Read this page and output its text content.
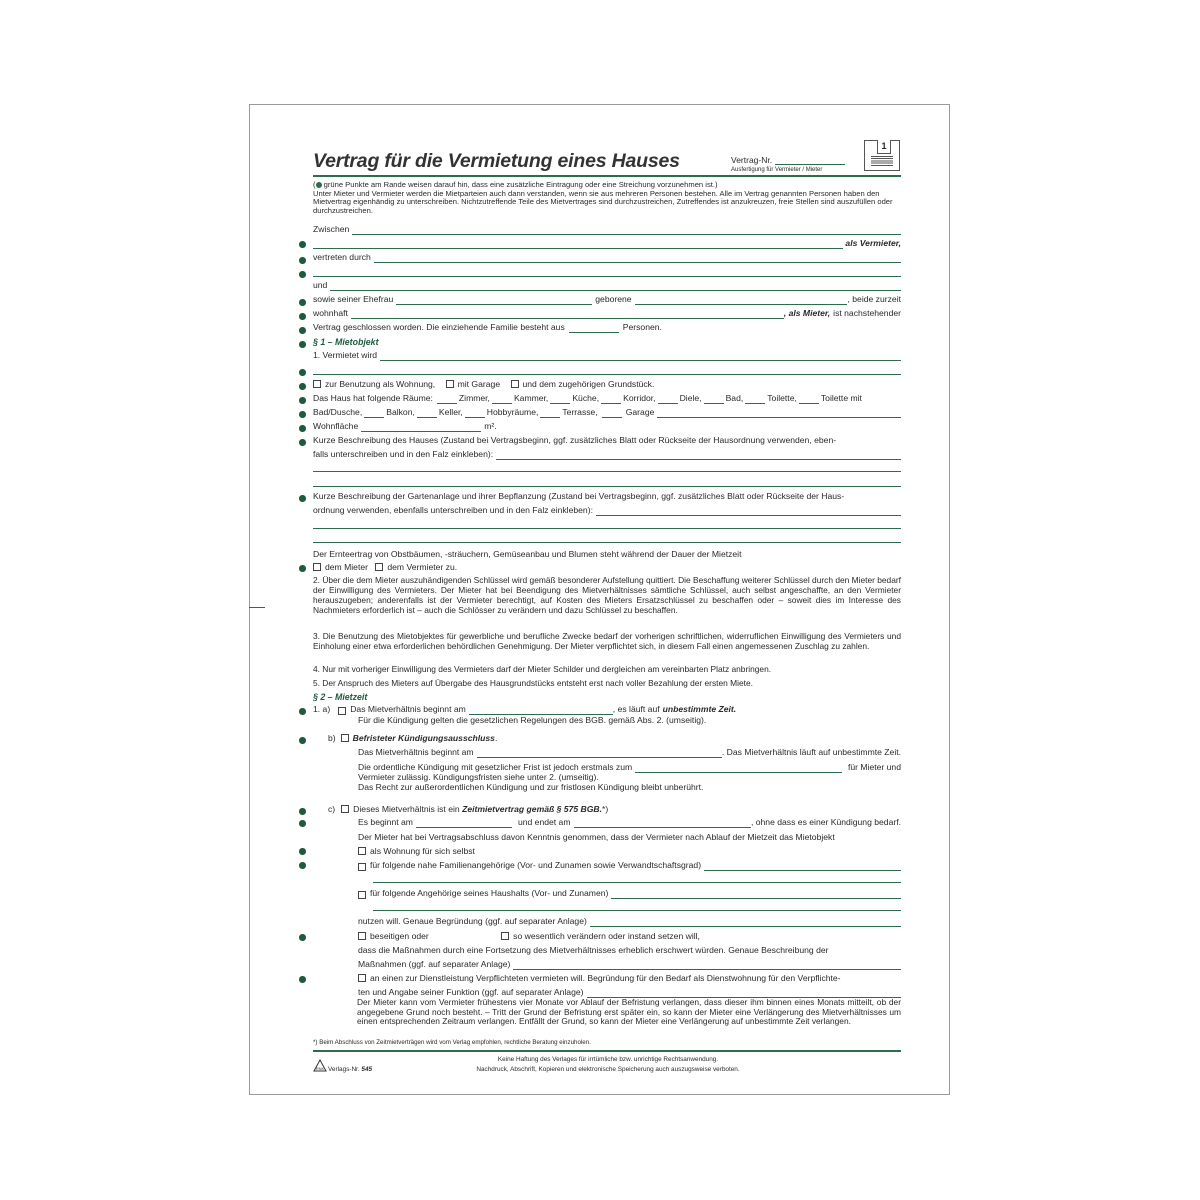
Vertrag für die Vermietung eines Hauses	Vertrag-Nr.
Ausfertigung für Vermieter / Mieter
1
( grüne Punkte am Rande weisen darauf hin, dass eine zusätzliche Eintragung oder eine Streichung vorzunehmen ist.)
Unter Mieter und Vermieter werden die Mietparteien auch dann verstanden, wenn sie aus mehreren Personen bestehen. Alle im Vertrag genannten Personen haben den Mietvertrag eigenhändig zu unterschreiben. Nichtzutreffende Teile des Mietvertrages sind durchzustreichen, Zutreffendes ist anzukreuzen, freie Stellen sind auszufüllen oder durchzustreichen.
Zwischen
als Vermieter,
vertreten durch
und
sowie seiner Ehefrau	geborene	, beide zurzeit
wohnhaft	, als Mieter, ist nachstehender
Vertrag geschlossen worden. Die einziehende Familie besteht aus	Personen.
§ 1 – Mietobjekt
1. Vermietet wird
zur Benutzung als Wohnung,	mit Garage	und dem zugehörigen Grundstück.
Das Haus hat folgende Räume:	Zimmer,	Kammer,	Küche,	Korridor,	Diele,	Bad,	Toilette,	Toilette mit
Bad/Dusche,	Balkon,	Keller,	Hobbyräume,	Terrasse,	Garage
Wohnfläche	m².
Kurze Beschreibung des Hauses (Zustand bei Vertragsbeginn, ggf. zusätzliches Blatt oder Rückseite der Hausordnung verwenden, eben-
falls unterschreiben und in den Falz einkleben):
Kurze Beschreibung der Gartenanlage und ihrer Bepflanzung (Zustand bei Vertragsbeginn, ggf. zusätzliches Blatt oder Rückseite der Haus-
ordnung verwenden, ebenfalls unterschreiben und in den Falz einkleben):
Der Ernteertrag von Obstbäumen, -sträuchern, Gemüseanbau und Blumen steht während der Dauer der Mietzeit
dem Mieter dem Vermieter zu.
2. Über die dem Mieter auszuhändigenden Schlüssel wird gemäß besonderer Aufstellung quittiert. Die Beschaffung weiterer Schlüssel durch den Mieter bedarf der Einwilligung des Vermieters. Der Mieter hat bei Beendigung des Mietverhältnisses sämtliche Schlüssel, auch selbst angeschaffte, an den Vermieter herauszugeben; anderenfalls ist der Vermieter berechtigt, auf Kosten des Mieters Ersatzschlüssel zu beschaffen oder – soweit dies im Interesse des Nachmieters erforderlich ist – auch die Schlösser zu verändern und dazu Schlüssel zu beschaffen.
3. Die Benutzung des Mietobjektes für gewerbliche und berufliche Zwecke bedarf der vorherigen schriftlichen, widerruflichen Einwilligung des Vermieters und Einholung einer etwa erforderlichen behördlichen Genehmigung. Der Mieter verpflichtet sich, in diesem Fall einen angemessenen Zuschlag zu zahlen.
4. Nur mit vorheriger Einwilligung des Vermieters darf der Mieter Schilder und dergleichen am vereinbarten Platz anbringen.
5. Der Anspruch des Mieters auf Übergabe des Hausgrundstücks entsteht erst nach voller Bezahlung der ersten Miete.
§ 2 – Mietzeit
1. a) Das Mietverhältnis beginnt am	, es läuft auf unbestimmte Zeit.
Für die Kündigung gelten die gesetzlichen Regelungen des BGB. gemäß Abs. 2. (umseitig).
b) Befristeter Kündigungsausschluss.
Das Mietverhältnis beginnt am	. Das Mietverhältnis läuft auf unbestimmte Zeit.
Die ordentliche Kündigung mit gesetzlicher Frist ist jedoch erstmals zum	für Mieter und
Vermieter zulässig. Kündigungsfristen siehe unter 2. (umseitig).
Das Recht zur außerordentlichen Kündigung und zur fristlosen Kündigung bleibt unberührt.
c) Dieses Mietverhältnis ist ein Zeitmietvertrag gemäß § 575 BGB.*)
Es beginnt am	und endet am	, ohne dass es einer Kündigung bedarf.
Der Mieter hat bei Vertragsabschluss davon Kenntnis genommen, dass der Vermieter nach Ablauf der Mietzeit das Mietobjekt
als Wohnung für sich selbst
für folgende nahe Familienangehörige (Vor- und Zunamen sowie Verwandtschaftsgrad)
für folgende Angehörige seines Haushalts (Vor- und Zunamen)
nutzen will. Genaue Begründung (ggf. auf separater Anlage)
beseitigen oder	so wesentlich verändern oder instand setzen will,
dass die Maßnahmen durch eine Fortsetzung des Mietverhältnisses erheblich erschwert würden. Genaue Beschreibung der
Maßnahmen (ggf. auf separater Anlage)
an einen zur Dienstleistung Verpflichteten vermieten will. Begründung für den Bedarf als Dienstwohnung für den Verpflichte-
ten und Angabe seiner Funktion (ggf. auf separater Anlage)
Der Mieter kann vom Vermieter frühestens vier Monate vor Ablauf der Befristung verlangen, dass dieser ihm binnen eines Monats mitteilt, ob der angegebene Grund noch besteht. – Tritt der Grund der Befristung erst später ein, so kann der Mieter eine Verlängerung des Mietverhältnisses um einen entsprechenden Zeitraum verlangen. Entfällt der Grund, so kann der Mieter eine Verlängerung auf unbestimmte Zeit verlangen.
*) Beim Abschluss von Zeitmietverträgen wird vom Verlag empfohlen, rechtliche Beratung einzuholen.
RNK Verlags-Nr. 545
Keine Haftung des Verlages für irrtümliche bzw. unrichtige Rechtsanwendung.
Nachdruck, Abschrift, Kopieren und elektronische Speicherung auch auszugsweise verboten.
